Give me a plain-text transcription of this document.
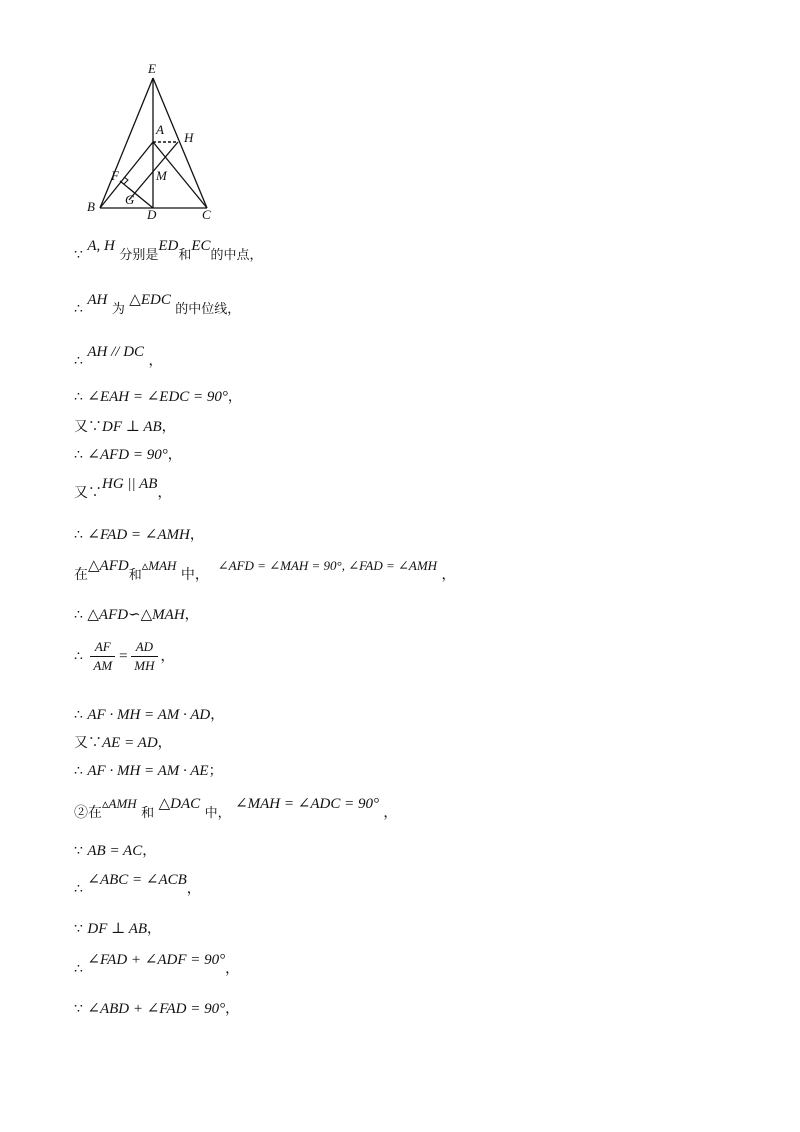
E
A
H
F	M
B G
D	C
∵ A, H 分别是ED和EC的中点，
∴ AH 为 △EDC 的中位线，
∴ AH // DC ，
∴ ∠EAH = ∠EDC = 90°，
又∵DF ⊥ AB，
∴ ∠AFD = 90°，
又∵HG || AB，
∴ ∠FAD = ∠AMH，
在△AFD和▵MAH 中，  ∠AFD = ∠MAH = 90°, ∠FAD = ∠AMH ，
∴ △AFD∽△MAH，
∴ $\frac{AF}{AM} = \frac{AD}{MH}$ ，
∴ AF · MH = AM · AD，
又∵AE = AD，
∴ AF · MH = AM · AE；
②在▵AMH 和 △DAC 中， ∠MAH = ∠ADC = 90° ，
∵ AB = AC，
∴ ∠ABC = ∠ACB，
∵ DF ⊥ AB，
∴ ∠FAD + ∠ADF = 90°，
∵ ∠ABD + ∠FAD = 90°，
